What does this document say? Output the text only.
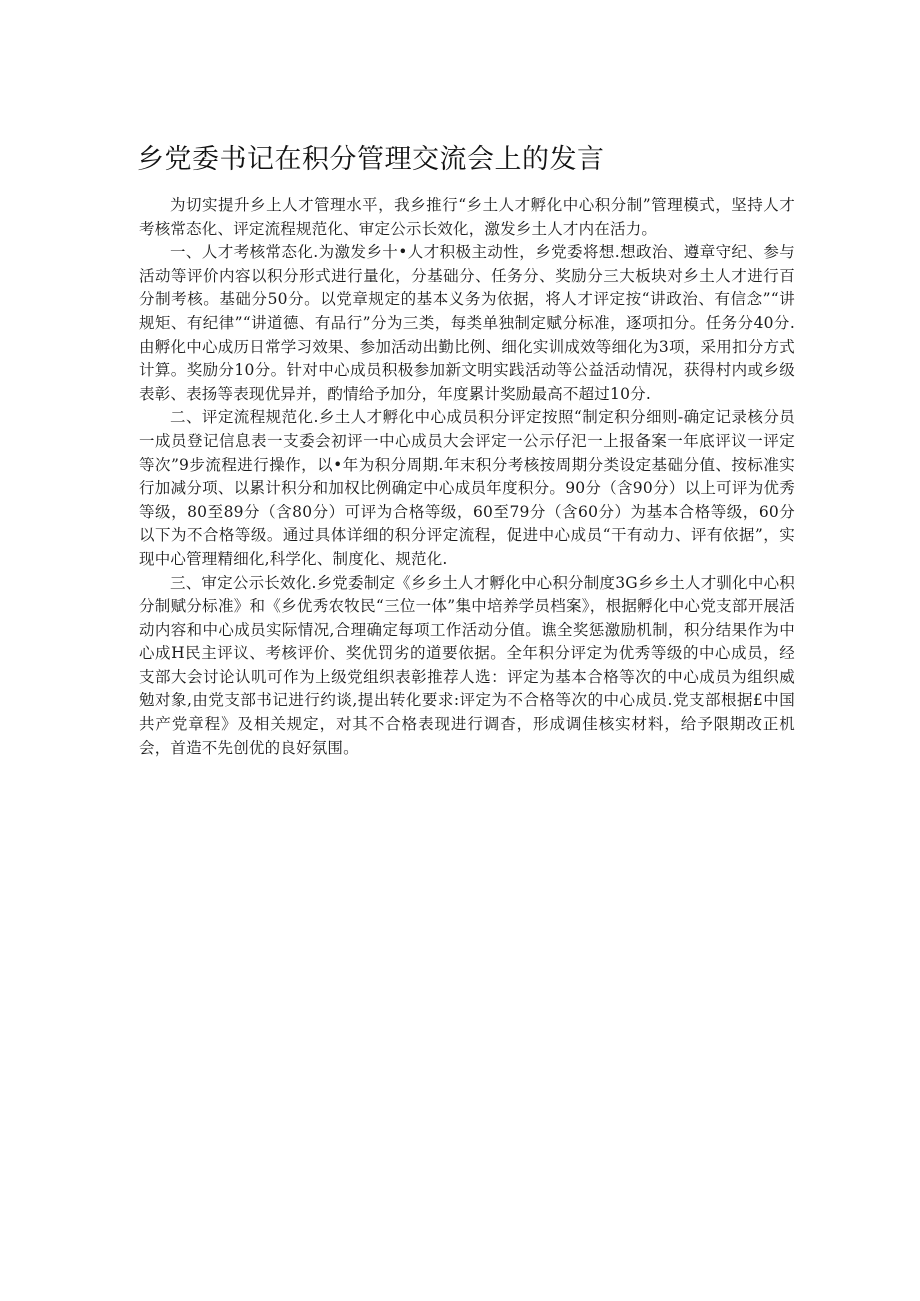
乡党委书记在积分管理交流会上的发言

为切实提升乡上人才管理水平，我乡推行“乡土人才孵化中心积分制”管理模式，坚持人才考核常态化、评定流程规范化、审定公示长效化，激发乡土人才内在活力。

一、人才考核常态化.为激发乡十•人才积极主动性，乡党委将想.想政治、遵章守纪、参与活动等评价内容以积分形式进行量化，分基础分、任务分、奖励分三大板块对乡土人才进行百分制考核。基础分50分。以党章规定的基本义务为依据，将人才评定按“讲政治、有信念”“讲规矩、有纪律”“讲道德、有品行”分为三类，每类单独制定赋分标准，逐项扣分。任务分40分.由孵化中心成历日常学习效果、参加活动出勤比例、细化实训成效等细化为3项，采用扣分方式计算。奖励分10分。针对中心成员积极参加新文明实践活动等公益活动情况，获得村内或乡级表彰、表扬等表现优异并，酌情给予加分，年度累计奖励最高不超过10分.

二、评定流程规范化.乡土人才孵化中心成员积分评定按照“制定积分细则-确定记录核分员一成员登记信息表一支委会初评一中心成员大会评定一公示仔汜一上报备案一年底评议一评定等次”9步流程进行操作，以•年为积分周期.年末积分考核按周期分类设定基础分值、按标准实行加减分项、以累计积分和加权比例确定中心成员年度积分。90分（含90分）以上可评为优秀等级，80至89分（含80分）可评为合格等级，60至79分（含60分）为基本合格等级，60分以下为不合格等级。通过具体详细的积分评定流程，促进中心成员“干有动力、评有依据”，实现中心管理精细化,科学化、制度化、规范化.

三、审定公示长效化.乡党委制定《乡乡土人才孵化中心积分制度3G乡乡土人才驯化中心积分制赋分标准》和《乡优秀农牧民“三位一体”集中培养学员档案》，根据孵化中心党支部开展活动内容和中心成员实际情况,合理确定每项工作活动分值。谯全奖惩激励机制，积分结果作为中心成H民主评议、考核评价、奖优罚劣的道要依据。全年积分评定为优秀等级的中心成员，经支部大会讨论认叽可作为上级党组织表彰推荐人选：评定为基本合格等次的中心成员为组织威勉对象,由党支部书记进行约谈,提出转化要求:评定为不合格等次的中心成员.党支部根据£中国共产党章程》及相关规定，对其不合格表现进行调杳，形成调佳核实材料，给予限期改正机会，首造不先创优的良好氛围。
